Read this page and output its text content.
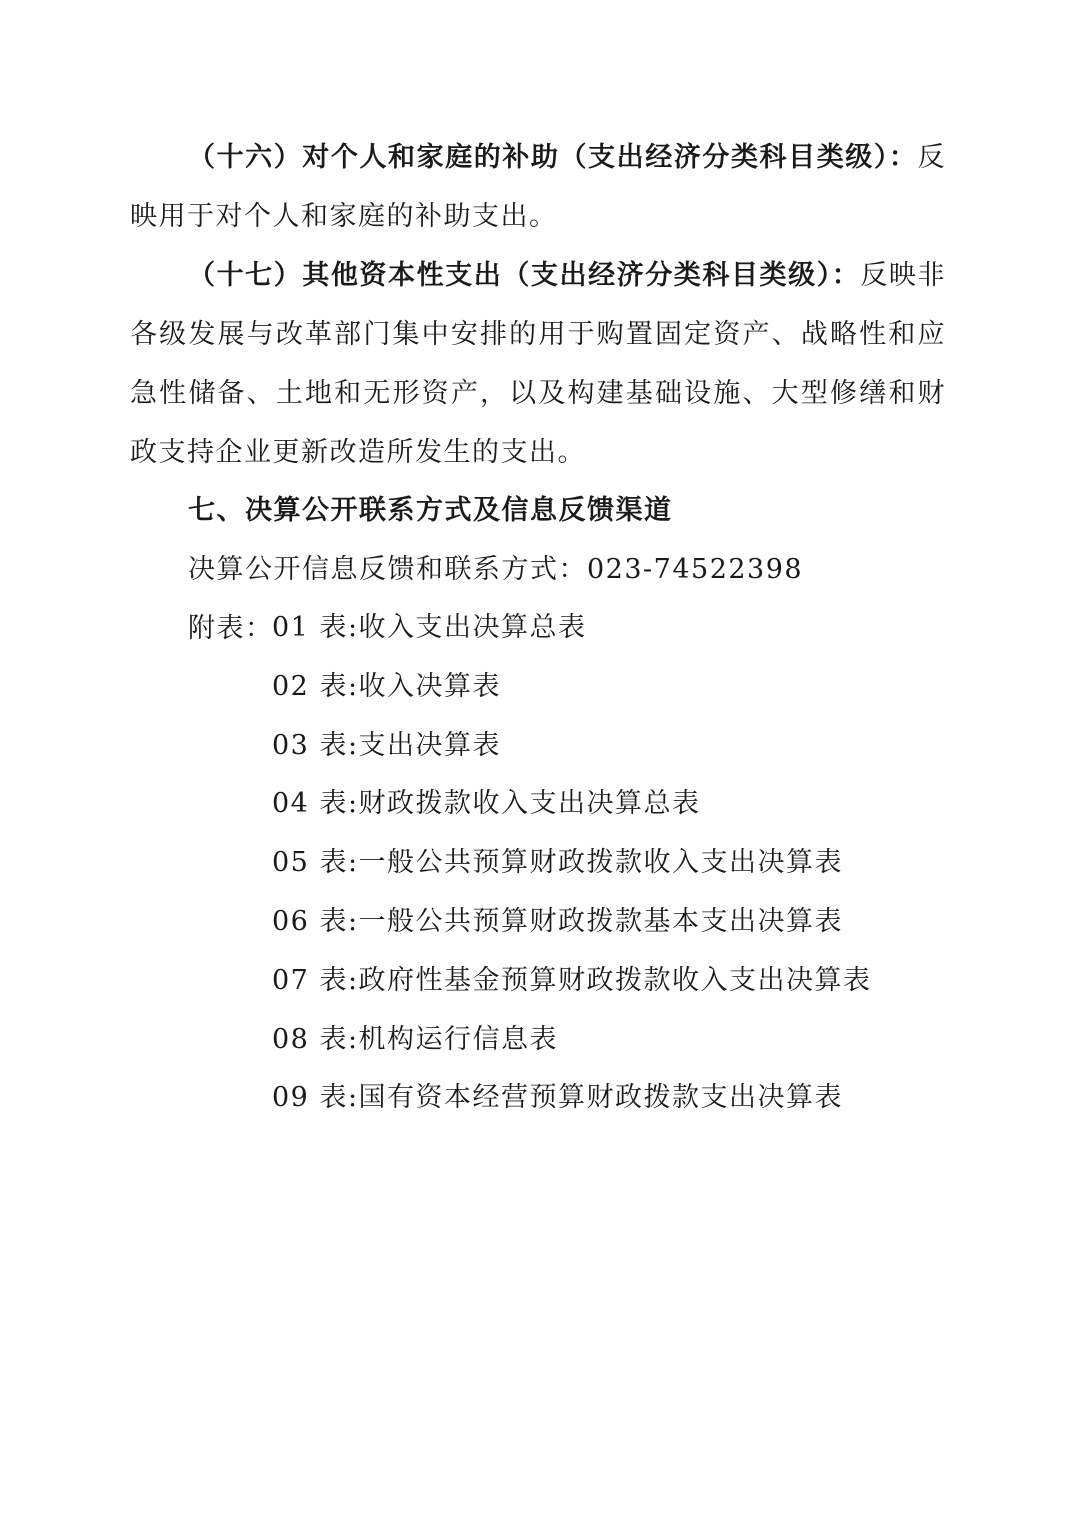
（十六）对个人和家庭的补助（支出经济分类科目类级）：反映用于对个人和家庭的补助支出。

（十七）其他资本性支出（支出经济分类科目类级）：反映非各级发展与改革部门集中安排的用于购置固定资产、战略性和应急性储备、土地和无形资产，以及构建基础设施、大型修缮和财政支持企业更新改造所发生的支出。

七、决算公开联系方式及信息反馈渠道

决算公开信息反馈和联系方式：023-74522398

附表：
01 表:收入支出决算总表
02 表:收入决算表
03 表:支出决算表
04 表:财政拨款收入支出决算总表
05 表:一般公共预算财政拨款收入支出决算表
06 表:一般公共预算财政拨款基本支出决算表
07 表:政府性基金预算财政拨款收入支出决算表
08 表:机构运行信息表
09 表:国有资本经营预算财政拨款支出决算表
